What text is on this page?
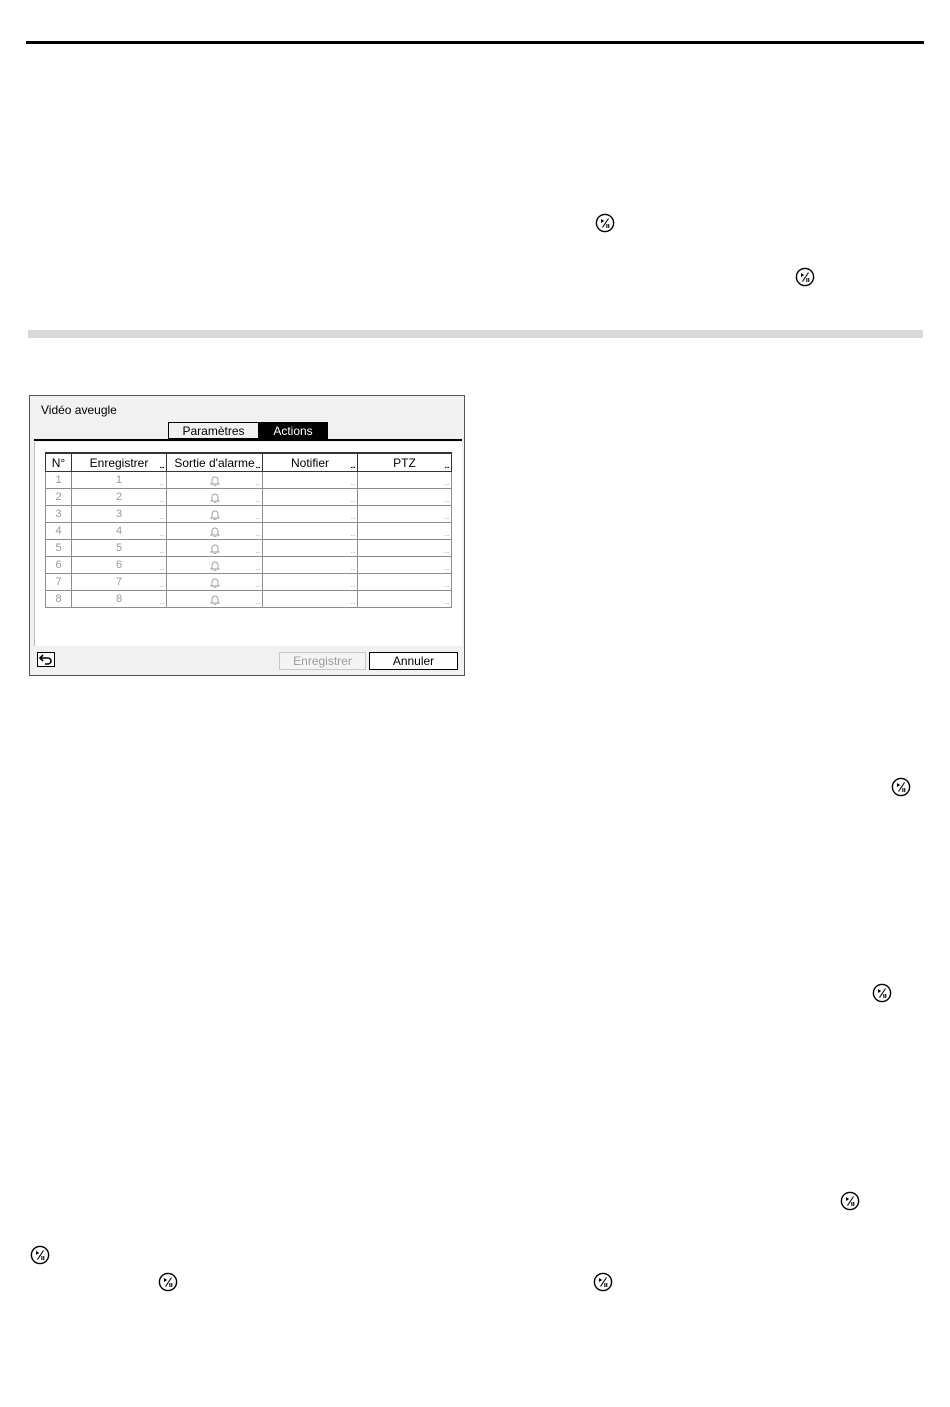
Vidéo aveugle
Paramètres	Actions
N°	Enregistrer ...	Sortie d'alarme ...	Notifier ...	PTZ ...

1	1 ...	...	...	...

2	2 ...	...	...	...

3	3 ...	...	...	...

4	4 ...	...	...	...

5	5 ...	...	...	...

6	6 ...	...	...	...

7	7 ...	...	...	...

8	8 ...	...	...	...
Enregistrer	Annuler
